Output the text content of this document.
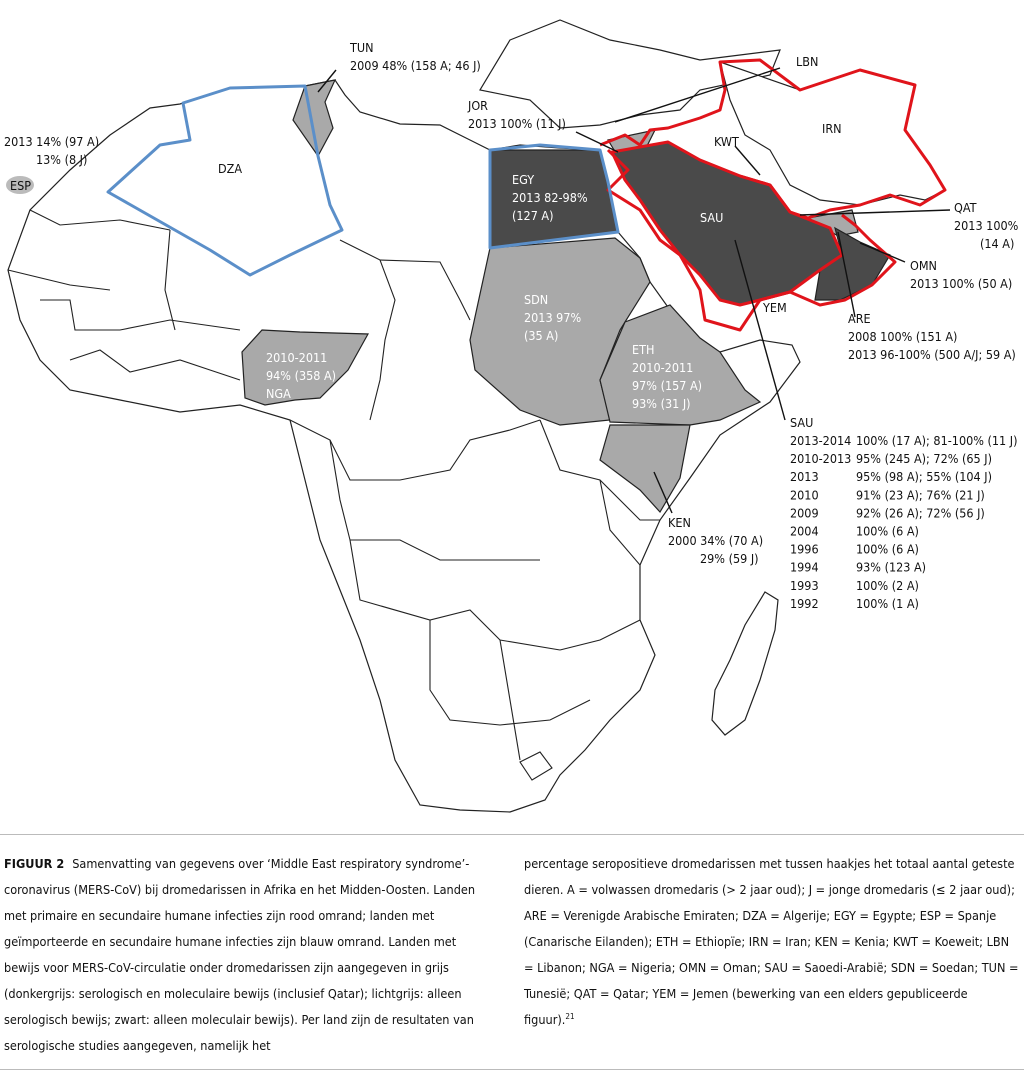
TUN
2009 48% (158 A; 46 J)
2013 14% (97 A)
13% (8 J)
ESP
DZA
JOR
2013 100% (11 J)
LBN
IRN
KWT
EGY
2013 82-98%
(127 A)	SAU
QAT
2013 100%
(14 A)
OMN
2013 100% (50 A)
YEM
ARE
2008 100% (151 A)
2013 96-100% (500 A/J; 59 A)
SDN
2013 97%
(35 A)
2010-2011
94% (358 A)
NGA
ETH
2010-2011
97% (157 A)
93% (31 J)
KEN
2000 34% (70 A)
29% (59 J)
SAU
2013-2014 100% (17 A); 81-100% (11 J)
2010-2013 95% (245 A); 72% (65 J)
2013	95% (98 A); 55% (104 J)
2010	91% (23 A); 76% (21 J)
2009	92% (26 A); 72% (56 J)
2004	100% (6 A)
1996	100% (6 A)
1994	93% (123 A)
1993	100% (2 A)
1992	100% (1 A)
FIGUUR 2 Samenvatting van gegevens over ‘Middle East respiratory syndrome’-coronavirus (MERS-CoV) bij dromedarissen in Afrika en het Midden-Oosten. Landen met primaire en secundaire humane infecties zijn rood omrand; landen met geïmporteerde en secundaire humane infecties zijn blauw omrand. Landen met bewijs voor MERS-CoV-circulatie onder dromedarissen zijn aangegeven in grijs (donkergrijs: serologisch en moleculaire bewijs (inclusief Qatar); lichtgrijs: alleen serologisch bewijs; zwart: alleen moleculair bewijs). Per land zijn de resultaten van serologische studies aangegeven, namelijk het
percentage seropositieve dromedarissen met tussen haakjes het totaal aantal geteste dieren. A = volwassen dromedaris (> 2 jaar oud); J = jonge dromedaris (≤ 2 jaar oud); ARE = Verenigde Arabische Emiraten; DZA = Algerije; EGY = Egypte; ESP = Spanje (Canarische Eilanden); ETH = Ethiopïe; IRN = Iran; KEN = Kenia; KWT = Koeweit; LBN = Libanon; NGA = Nigeria; OMN = Oman; SAU = Saoedi-Arabië; SDN = Soedan; TUN = Tunesië; QAT = Qatar; YEM = Jemen (bewerking van een elders gepubliceerde figuur).$^{21}$
